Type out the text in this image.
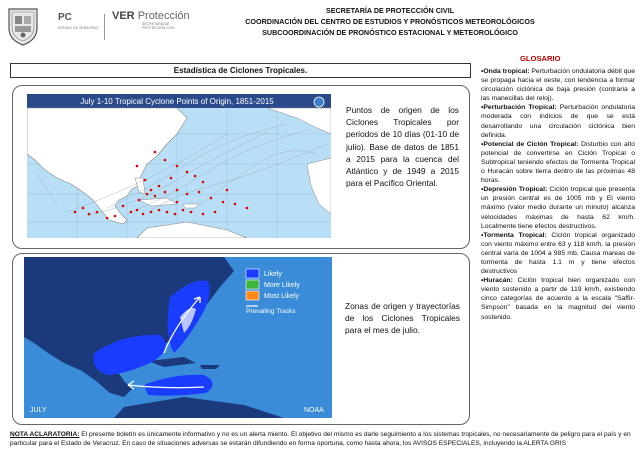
PC
ESTADO DE VERACRUZ
VER Protección
SECRETARÍA DE
PROTECCIÓN CIVIL
SECRETARÍA DE PROTECCIÓN CIVIL
COORDINACIÓN DEL CENTRO DE ESTUDIOS Y PRONÓSTICOS METEOROLÓGICOS
SUBCOORDINACIÓN DE PRONÓSTICO ESTACIONAL Y METEOROLÓGICO
GLOSARIO
Estadística de Ciclones Tropicales.
July 1-10 Tropical Cyclone Points of Origin, 1851-2015
Puntos de origen de los Ciclones Tropicales por periodos de 10 días (01-10 de julio). Base de datos de 1851 a 2015 para la cuenca del Atlántico y de 1949 a 2015 para el Pacífico Oriental.
Likely
More Likely
Most Likely
Prevailing Tracks
JULY	NOAA
Zonas de origen y trayectorías de los Ciclones Tropicales para el mes de julio.

•Onda tropical: Perturbación ondulatoria débil que se propaga hacia el oeste, con tendencia a formar circulación ciclónica de baja presión (contraria a las manecillas del reloj).

•Perturbación Tropical: Perturbación ondulatoria moderada con indicios de que se está desarrollando una circulación ciclónica bien definida.

•Potencial de Ciclón Tropical: Disturbio con alto potencial de convertirse en Ciclón Tropical o Subtropical teniendo efectos de Tormenta Tropical o Huracán sobre tierra dentro de las próximas 48 horas.

•Depresión Tropical: Ciclón tropical que presenta un presión central es de 1005 mb y El viento máximo (valor medio durante un minuto) alcanza velocidades máximas de hasta 62 km/h. Localmente tiene efectos destructivos.

•Tormenta Tropical: Ciclón tropical organizado con viento máximo entre 63 y 118 km/h, la presión central varía de 1004 a 985 mb. Causa mareas de tormenta de hasta 1.1 m y tiene efectos destructivos

•Huracán: Ciclón tropical bien organizado con viento sostenido a partir de 119 km/h, existiendo cinco categorías de acuerdo a la escala "Saffir-Simpson" basada en la magnitud del viento sostenido.

NOTA ACLARATORIA: El presente boletín es únicamente informativo y no es un alerta miento. El objetivo del mismo es darle seguimiento a los sistemas tropicales, no necesariamente de peligro para el país y en particular para el Estado de Veracruz. En caso de situaciones adversas se estarán difundiendo en forma oportuna, como hasta ahora, los AVISOS ESPECIALES, incluyendo la ALERTA GRIS
